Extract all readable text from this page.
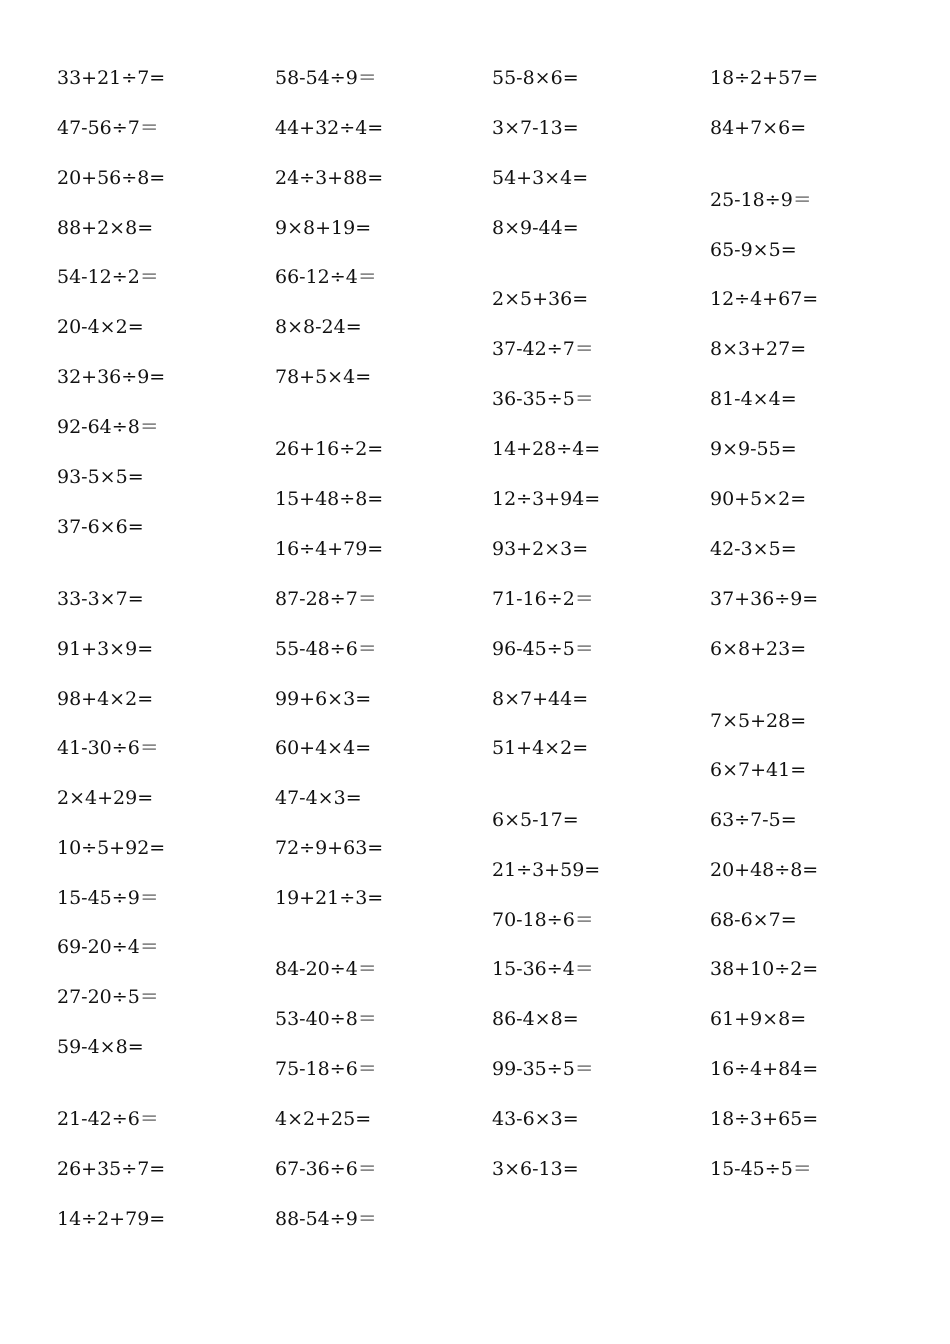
33+21÷7=
47-56÷7＝
20+56÷8=
88+2×8=
54-12÷2＝
20-4×2=
32+36÷9=
92-64÷8＝
93-5×5=
37-6×6=
33-3×7=
91+3×9=
98+4×2=
41-30÷6＝
2×4+29=
10÷5+92=
15-45÷9＝
69-20÷4＝
27-20÷5＝
59-4×8=
21-42÷6＝
26+35÷7=
14÷2+79=
58-54÷9＝
44+32÷4=
24÷3+88=
9×8+19=
66-12÷4＝
8×8-24=
78+5×4=
26+16÷2=
15+48÷8=
16÷4+79=
87-28÷7＝
55-48÷6＝
99+6×3=
60+4×4=
47-4×3=
72÷9+63=
19+21÷3=
84-20÷4＝
53-40÷8＝
75-18÷6＝
4×2+25=
67-36÷6＝
88-54÷9＝
55-8×6=
3×7-13=
54+3×4=
8×9-44=
2×5+36=
37-42÷7＝
36-35÷5＝
14+28÷4=
12÷3+94=
93+2×3=
71-16÷2＝
96-45÷5＝
8×7+44=
51+4×2=
6×5-17=
21÷3+59=
70-18÷6＝
15-36÷4＝
86-4×8=
99-35÷5＝
43-6×3=
3×6-13=
18÷2+57=
84+7×6=
25-18÷9＝
65-9×5=
12÷4+67=
8×3+27=
81-4×4=
9×9-55=
90+5×2=
42-3×5=
37+36÷9=
6×8+23=
7×5+28=
6×7+41=
63÷7-5=
20+48÷8=
68-6×7=
38+10÷2=
61+9×8=
16÷4+84=
18÷3+65=
15-45÷5＝
